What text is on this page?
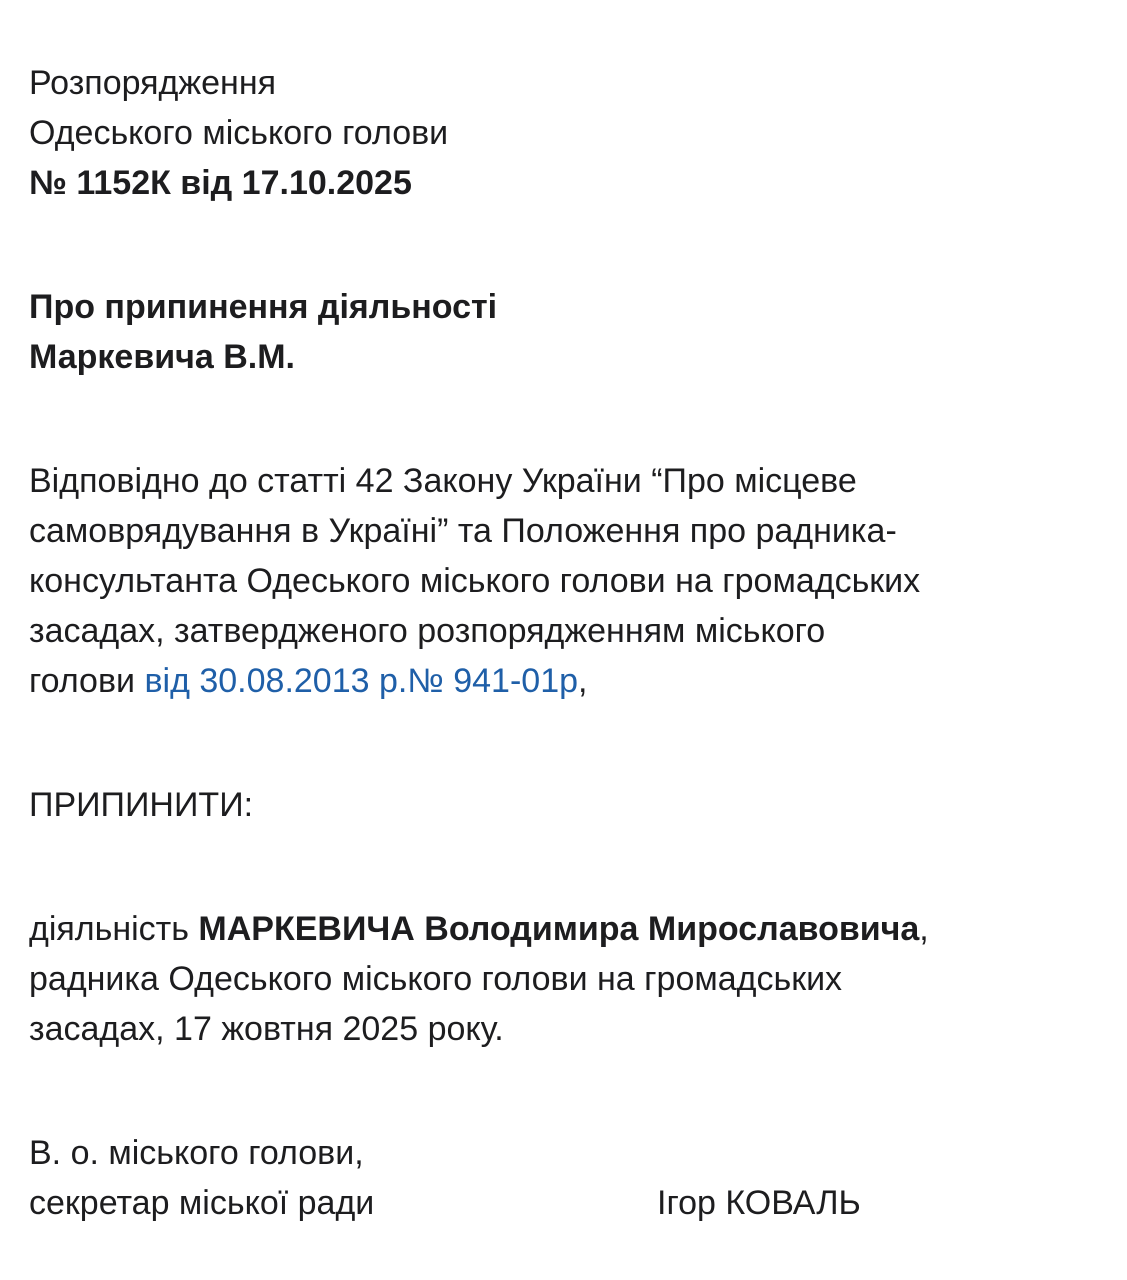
Розпорядження
Одеського міського голови
№ 1152К від 17.10.2025
Про припинення діяльності
Маркевича В.М.
Відповідно до статті 42 Закону України “Про місцеве
самоврядування в Україні” та Положення про радника-
консультанта Одеського міського голови на громадських
засадах, затвердженого розпорядженням міського
голови від 30.08.2013 р.№ 941-01р,
ПРИПИНИТИ:
діяльність МАРКЕВИЧА Володимира Мирославовича,
радника Одеського міського голови на громадських
засадах, 17 жовтня 2025 року.
В. о. міського голови,
секретар міської ради	Ігор КОВАЛЬ
